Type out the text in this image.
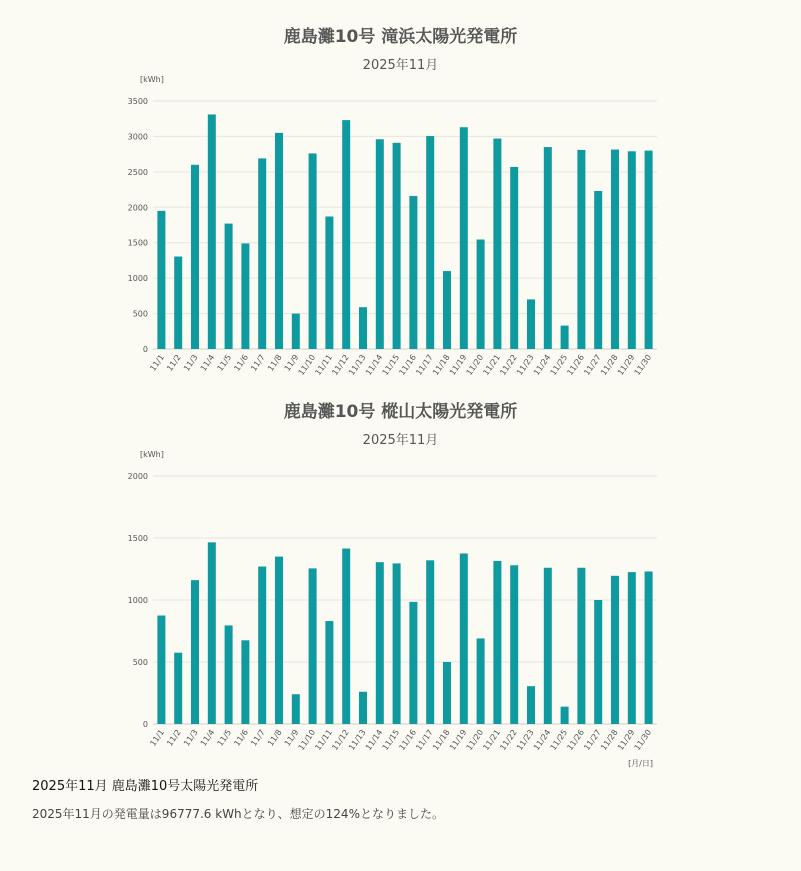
鹿島灘10号 滝浜太陽光発電所
2025年11月
[kWh]
0
500
1000
1500
2000
2500
3000
3500
11/1 11/2 11/3 11/4 11/5 11/6 11/7 11/8 11/9
11/10
11/11
11/12
11/13
11/14
11/15
11/16
11/17
11/18
11/19
11/20
11/21
11/22
11/23
11/24
11/25
11/26
11/27
11/28
11/29
11/30
鹿島灘10号 樅山太陽光発電所
2025年11月
[kWh]
0
500
1000
1500
2000
11/1 11/2 11/3 11/4 11/5 11/6 11/7 11/8 11/9
11/10
11/11
11/12
11/13
11/14
11/15
11/16
11/17
11/18
11/19
11/20
11/21
11/22
11/23
11/24
11/25
11/26
11/27
11/28
11/29
11/30
[月/日]
2025年11月 鹿島灘10号太陽光発電所
2025年11月の発電量は96777.6 kWhとなり、想定の124%となりました。
